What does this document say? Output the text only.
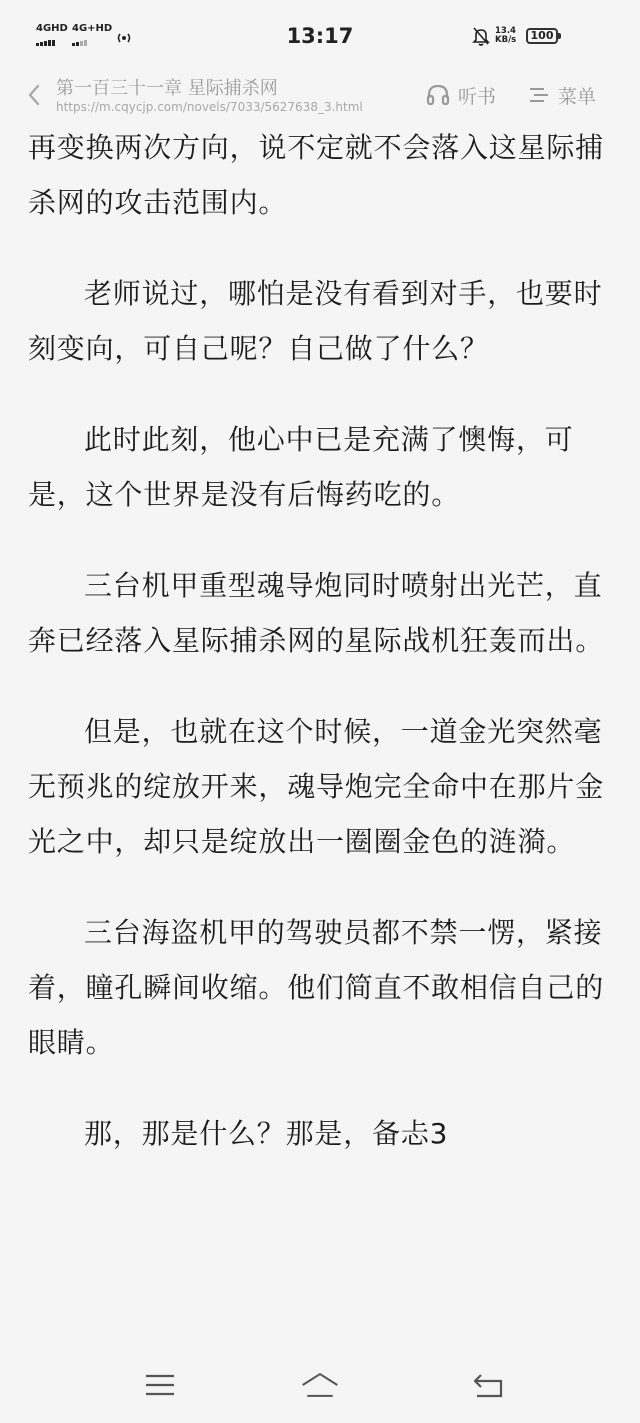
4GHD 4G+HD	13:17	13.4
KB/s	100
第一百三十一章 星际捕杀网
https://m.cqycjp.com/novels/7033/5627638_3.html	听书	菜单

再变换两次方向，说不定就不会落入这星际捕杀网的攻击范围内。

老师说过，哪怕是没有看到对手，也要时刻变向，可自己呢？自己做了什么？

此时此刻，他心中已是充满了懊悔，可是，这个世界是没有后悔药吃的。

三台机甲重型魂导炮同时喷射出光芒，直奔已经落入星际捕杀网的星际战机狂轰而出。

但是，也就在这个时候，一道金光突然毫无预兆的绽放开来，魂导炮完全命中在那片金光之中，却只是绽放出一圈圈金色的涟漪。

三台海盗机甲的驾驶员都不禁一愣，紧接着，瞳孔瞬间收缩。他们简直不敢相信自己的眼睛。

那，那是什么？那是，备忐3
